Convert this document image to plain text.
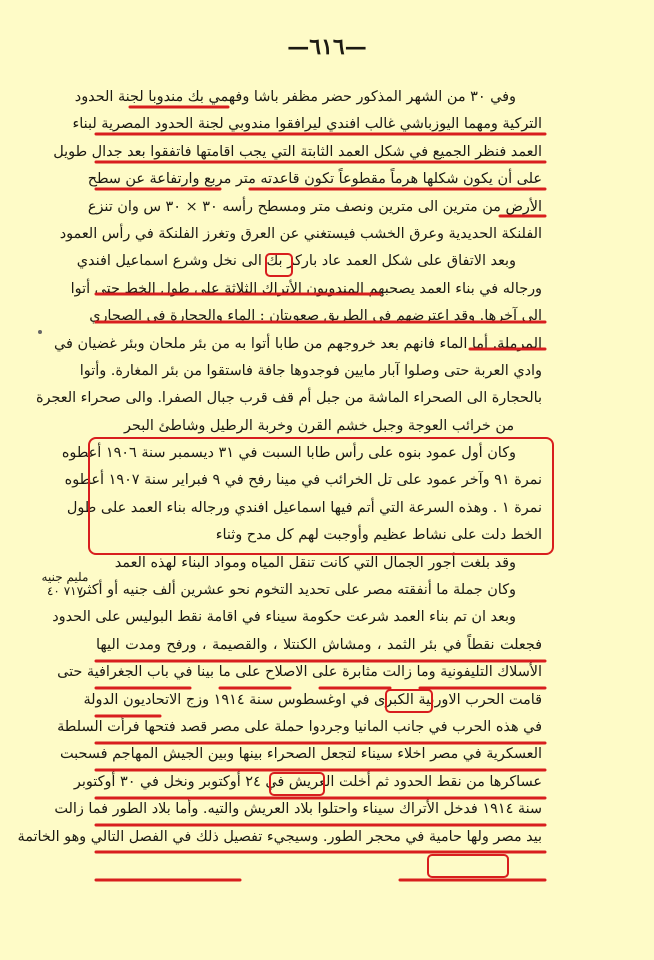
—٦١٦—
وفي ٣٠ من الشهر المذكور حضر مظفر باشا وفهمي بك مندوبا لجنة الحدود
التركية ومهما اليوزباشي غالب افندي ليرافقوا مندوبي لجنة الحدود المصرية لبناء
العمد فنظر الجميع في شكل العمد الثابتة التي يجب اقامتها فاتفقوا بعد جدال طويل
على أن يكون شكلها هرماً مقطوعاً تكون قاعدته متر مربع وارتفاعة عن سطح
الأرض من مترين الى مترين ونصف متر ومسطح رأسه ٣٠ × ٣٠ س وان تنزع
الفلنكة الحديدية وعرق الخشب فيستغني عن العرق وتغرز الفلنكة في رأس العمود
وبعد الاتفاق على شكل العمد عاد باركر بك الى نخل وشرع اسماعيل افندي
ورجاله في بناء العمد يصحبهم المندوبون الأتراك الثلاثة على طول الخط حتى أتوا
الى آخرها. وقد اعترضهم في الطريق صعوبتان : الماء والحجارة في الصحاري
المرملة. أما الماء فانهم بعد خروجهم من طابا أتوا به من بئر ملحان وبئر غضيان في
وادي العربة حتى وصلوا آبار مايين فوجدوها جافة فاستقوا من بئر المغارة. وأتوا
بالحجارة الى الصحراء الماشة من جبل أم قف قرب جبال الصفرا. والى صحراء العجرة
من خرائب العوجة وجبل خشم القرن وخربة الرطيل وشاطئ البحر
وكان أول عمود بنوه على رأس طابا السبت في ٣١ ديسمبر سنة ١٩٠٦ أعطوه
نمرة ٩١ وآخر عمود على تل الخرائب في مينا رفح في ٩ فبراير سنة ١٩٠٧ أعطوه
نمرة ١ . وهذه السرعة التي أتم فيها اسماعيل افندي ورجاله بناء العمد على طول
الخط دلت على نشاط عظيم وأوجبت لهم كل مدح وثناء
وقد بلغت أجور الجمال التي كانت تنقل المياه ومواد البناء لهذه العمد
وكان جملة ما أنفقته مصر على تحديد التخوم نحو عشرين ألف جنيه أو أكثر
وبعد ان تم بناء العمد شرعت حكومة سيناء في اقامة نقط البوليس على الحدود
فجعلت نقطاً في بئر الثمد ، ومشاش الكنتلا ، والقصيمة ، ورفح ومدت اليها
الأسلاك التليفونية وما زالت مثابرة على الاصلاح على ما بينا في باب الجغرافية حتى
قامت الحرب الاوربية الكبرى في اوغسطوس سنة ١٩١٤ وزج الاتحاديون الدولة
في هذه الحرب في جانب المانيا وجردوا حملة على مصر قصد فتحها فرأت السلطة
العسكرية في مصر اخلاء سيناء لتجعل الصحراء بينها وبين الجيش المهاجم فسحبت
عساكرها من نقط الحدود ثم أخلت العريش في ٢٤ أوكتوبر ونخل في ٣٠ أوكتوبر
سنة ١٩١٤ فدخل الأتراك سيناء واحتلوا بلاد العريش والتيه. وأما بلاد الطور فما زالت
بيد مصر ولها حامية في محجر الطور. وسيجيء تفصيل ذلك في الفصل التالي وهو الخاتمة
مليم جنيه ٧١٧ ٤٠
